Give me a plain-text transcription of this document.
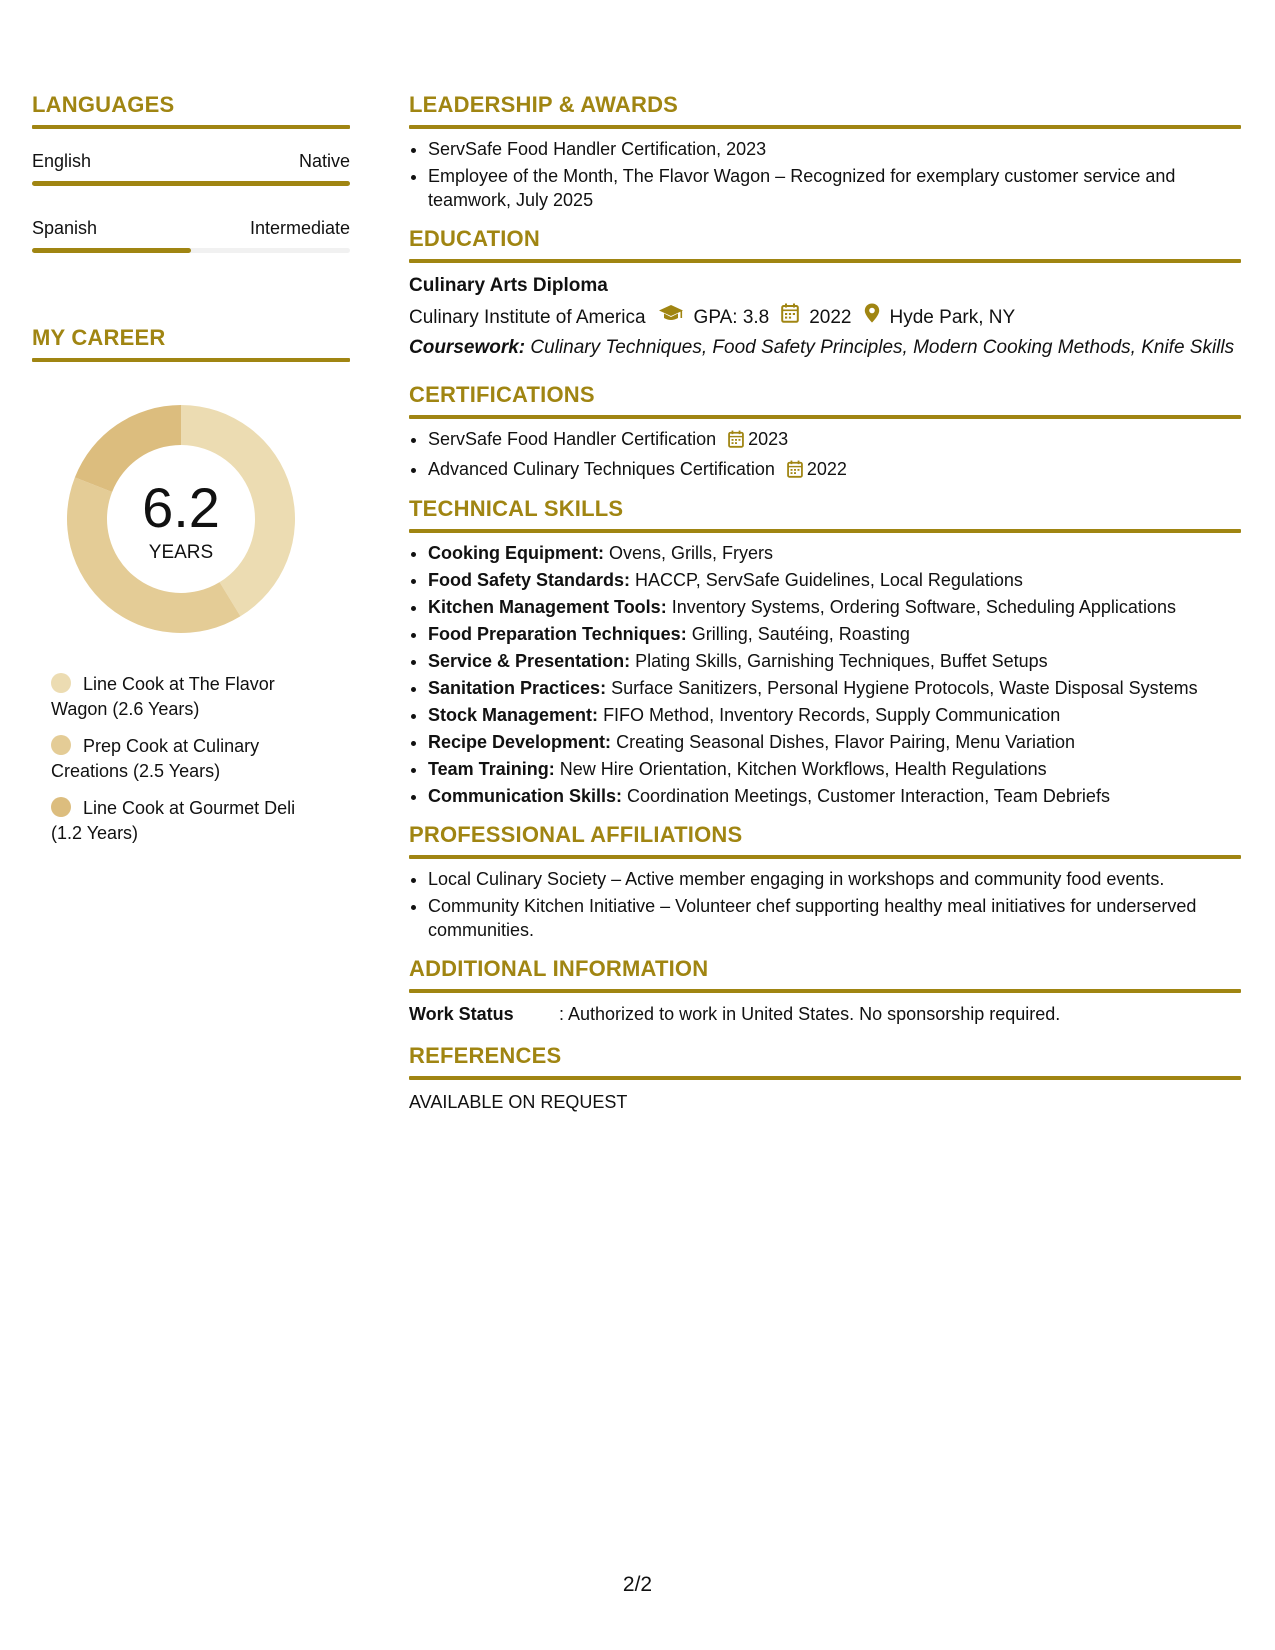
LANGUAGES
English	Native
Spanish	Intermediate
MY CAREER
6.2
YEARS
Line Cook at The Flavor Wagon (2.6 Years)
Prep Cook at Culinary Creations (2.5 Years)
Line Cook at Gourmet Deli (1.2 Years)
LEADERSHIP & AWARDS
• ServSafe Food Handler Certification, 2023
• Employee of the Month, The Flavor Wagon – Recognized for exemplary customer service and teamwork, July 2025
EDUCATION
Culinary Arts Diploma
Culinary Institute of America	GPA: 3.8 2022 Hyde Park, NY
Coursework: Culinary Techniques, Food Safety Principles, Modern Cooking Methods, Knife Skills
CERTIFICATIONS
• ServSafe Food Handler Certification 2023
• Advanced Culinary Techniques Certification 2022
TECHNICAL SKILLS
• Cooking Equipment: Ovens, Grills, Fryers
• Food Safety Standards: HACCP, ServSafe Guidelines, Local Regulations
• Kitchen Management Tools: Inventory Systems, Ordering Software, Scheduling Applications
• Food Preparation Techniques: Grilling, Sautéing, Roasting
• Service & Presentation: Plating Skills, Garnishing Techniques, Buffet Setups
• Sanitation Practices: Surface Sanitizers, Personal Hygiene Protocols, Waste Disposal Systems
• Stock Management: FIFO Method, Inventory Records, Supply Communication
• Recipe Development: Creating Seasonal Dishes, Flavor Pairing, Menu Variation
• Team Training: New Hire Orientation, Kitchen Workflows, Health Regulations
• Communication Skills: Coordination Meetings, Customer Interaction, Team Debriefs
PROFESSIONAL AFFILIATIONS
• Local Culinary Society – Active member engaging in workshops and community food events.
• Community Kitchen Initiative – Volunteer chef supporting healthy meal initiatives for underserved communities.
ADDITIONAL INFORMATION
Work Status	: Authorized to work in United States. No sponsorship required.
REFERENCES
AVAILABLE ON REQUEST
2/2
